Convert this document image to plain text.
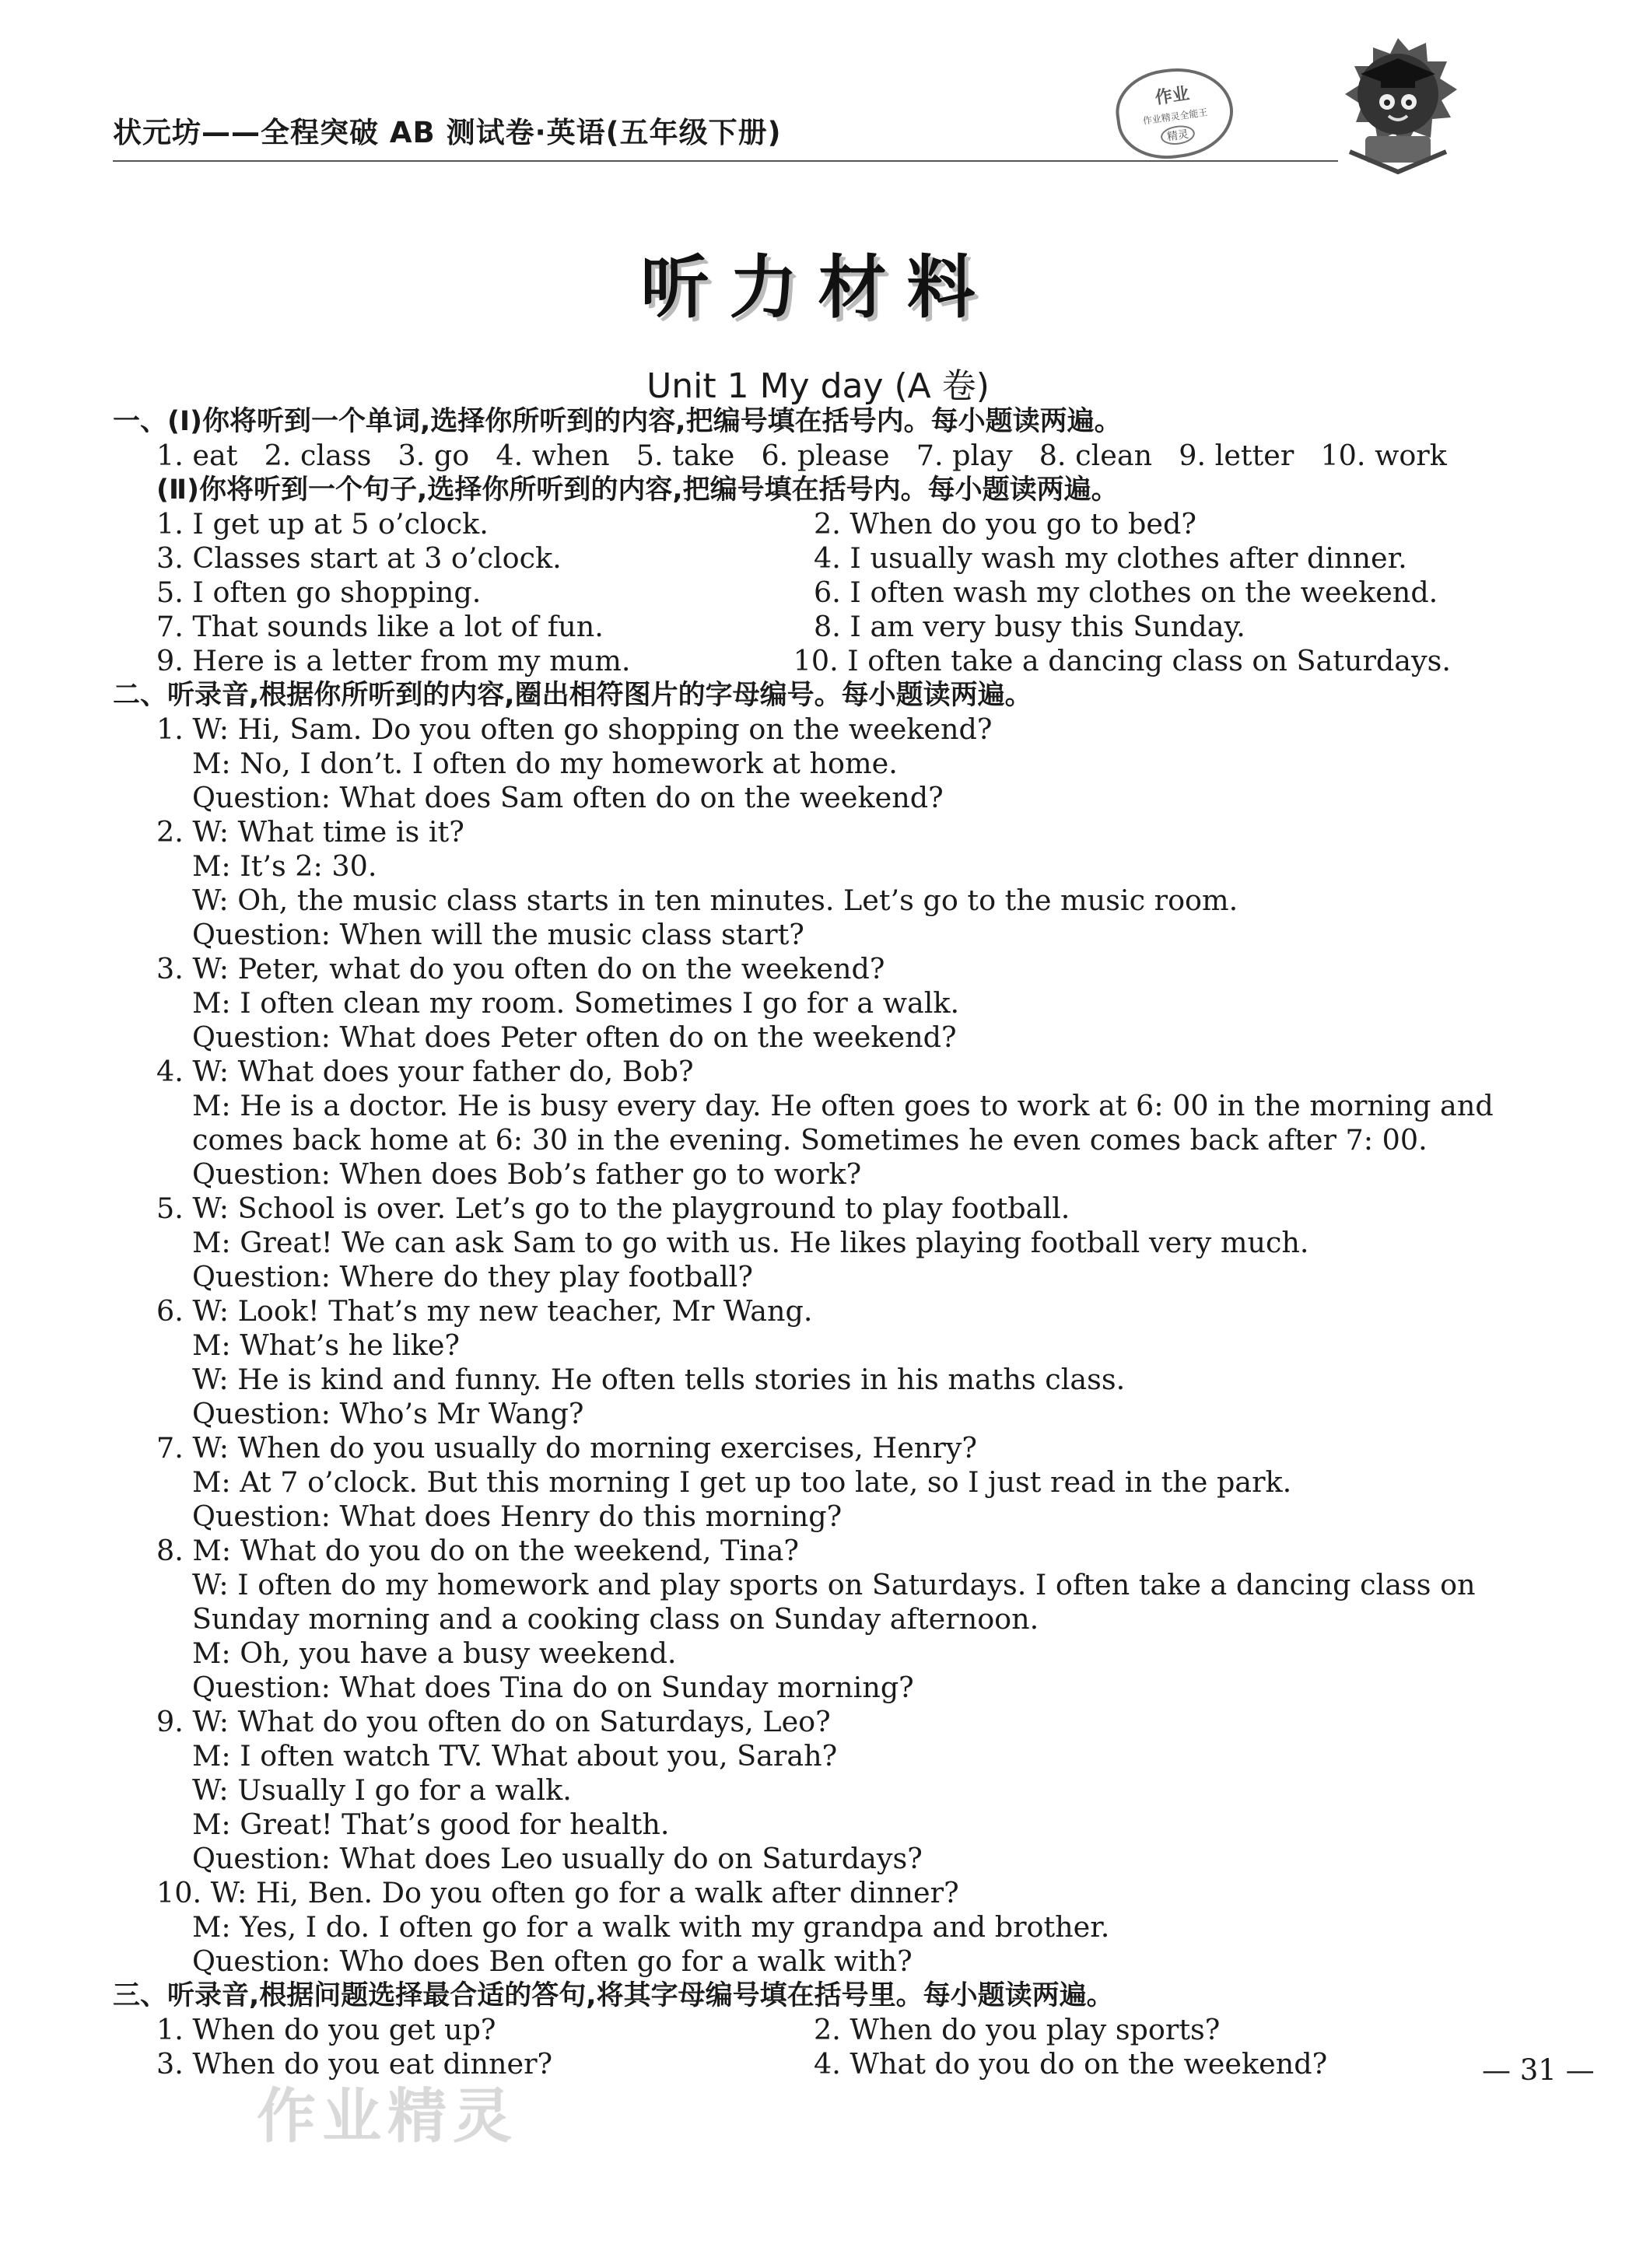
状元坊——全程突破 AB 测试卷·英语(五年级下册)
作业
作业精灵全能王
精灵
听力材料
Unit 1 My day (A 卷)
一、(Ⅰ)你将听到一个单词,选择你所听到的内容,把编号填在括号内。每小题读两遍。
1. eat 2. class 3. go 4. when 5. take 6. please 7. play 8. clean 9. letter 10. work
(Ⅱ)你将听到一个句子,选择你所听到的内容,把编号填在括号内。每小题读两遍。
1. I get up at 5 o’clock.	2. When do you go to bed?
3. Classes start at 3 o’clock.	4. I usually wash my clothes after dinner.
5. I often go shopping.	6. I often wash my clothes on the weekend.
7. That sounds like a lot of fun.	8. I am very busy this Sunday.
9. Here is a letter from my mum.	10. I often take a dancing class on Saturdays.
二、听录音,根据你所听到的内容,圈出相符图片的字母编号。每小题读两遍。
1. W: Hi, Sam. Do you often go shopping on the weekend?
M: No, I don’t. I often do my homework at home.
Question: What does Sam often do on the weekend?
2. W: What time is it?
M: It’s 2: 30.
W: Oh, the music class starts in ten minutes. Let’s go to the music room.
Question: When will the music class start?
3. W: Peter, what do you often do on the weekend?
M: I often clean my room. Sometimes I go for a walk.
Question: What does Peter often do on the weekend?
4. W: What does your father do, Bob?
M: He is a doctor. He is busy every day. He often goes to work at 6: 00 in the morning and
comes back home at 6: 30 in the evening. Sometimes he even comes back after 7: 00.
Question: When does Bob’s father go to work?
5. W: School is over. Let’s go to the playground to play football.
M: Great! We can ask Sam to go with us. He likes playing football very much.
Question: Where do they play football?
6. W: Look! That’s my new teacher, Mr Wang.
M: What’s he like?
W: He is kind and funny. He often tells stories in his maths class.
Question: Who’s Mr Wang?
7. W: When do you usually do morning exercises, Henry?
M: At 7 o’clock. But this morning I get up too late, so I just read in the park.
Question: What does Henry do this morning?
8. M: What do you do on the weekend, Tina?
W: I often do my homework and play sports on Saturdays. I often take a dancing class on
Sunday morning and a cooking class on Sunday afternoon.
M: Oh, you have a busy weekend.
Question: What does Tina do on Sunday morning?
9. W: What do you often do on Saturdays, Leo?
M: I often watch TV. What about you, Sarah?
W: Usually I go for a walk.
M: Great! That’s good for health.
Question: What does Leo usually do on Saturdays?
10. W: Hi, Ben. Do you often go for a walk after dinner?
M: Yes, I do. I often go for a walk with my grandpa and brother.
Question: Who does Ben often go for a walk with?
三、听录音,根据问题选择最合适的答句,将其字母编号填在括号里。每小题读两遍。
1. When do you get up?	2. When do you play sports?
3. When do you eat dinner?	4. What do you do on the weekend?
作业精灵
— 31 —
